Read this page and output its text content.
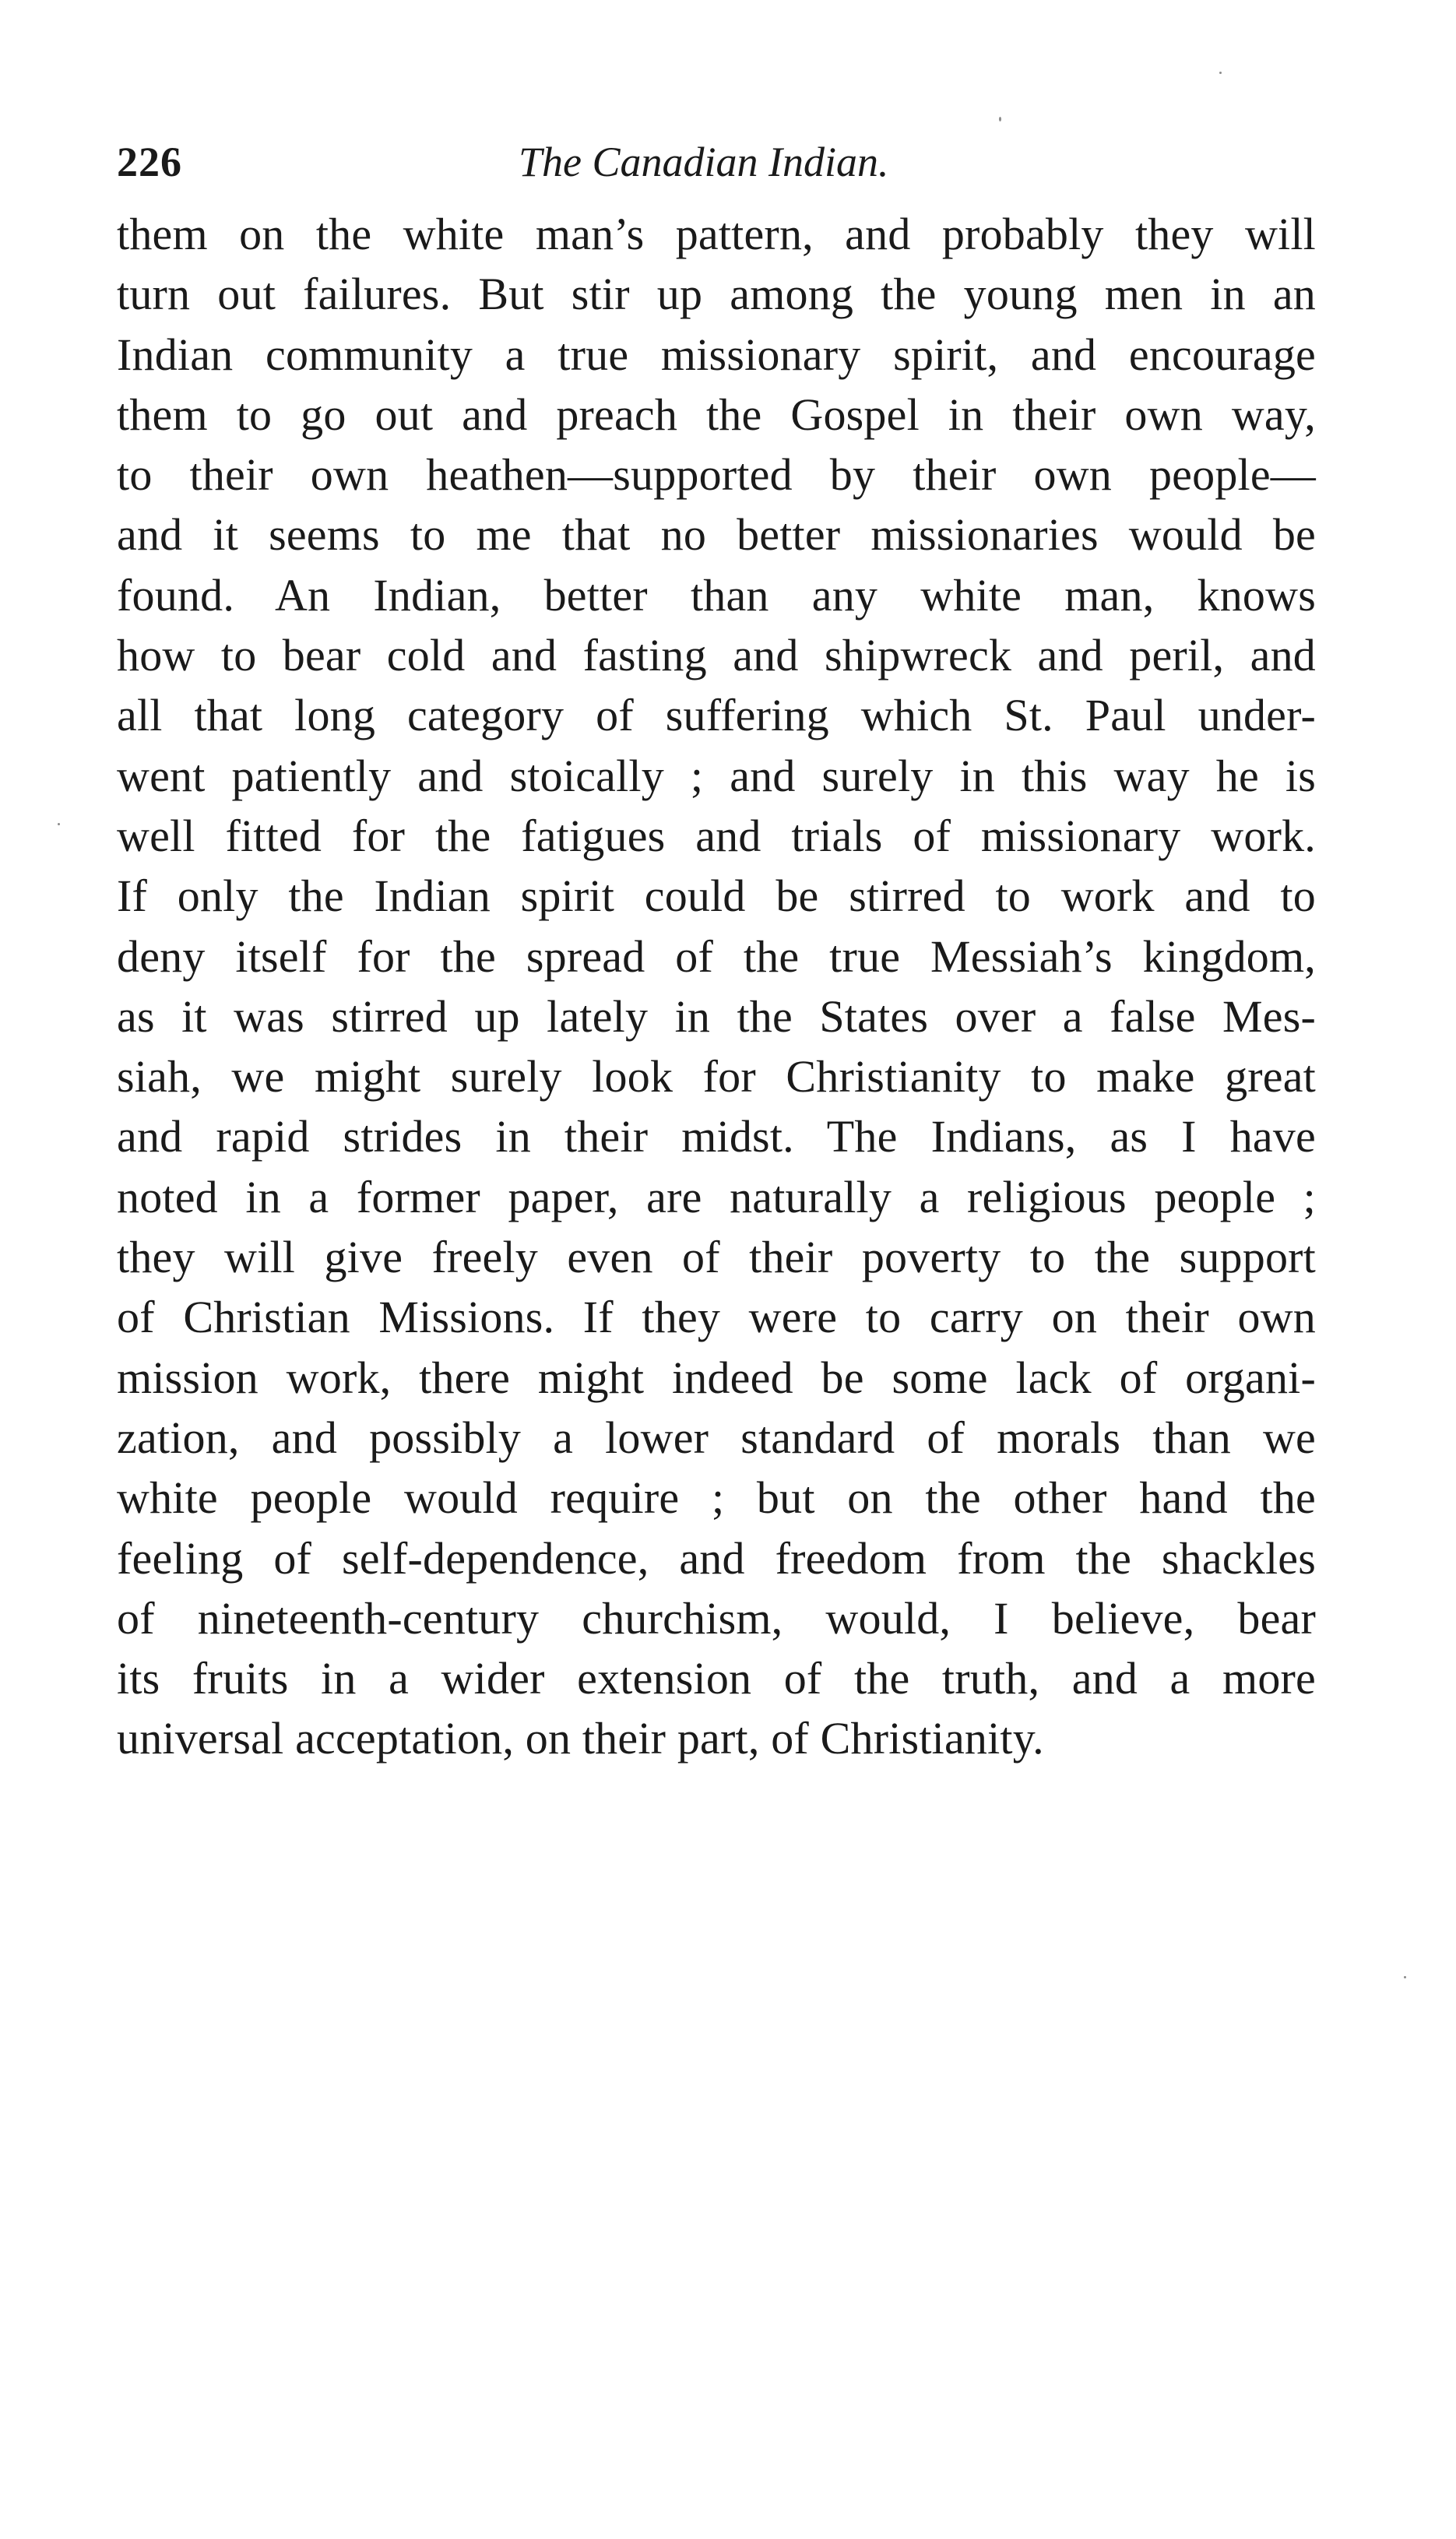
226	The Canadian Indian.
them on the white man’s pattern, and probably they will
turn out failures. But stir up among the young men in an
Indian community a true missionary spirit, and encourage
them to go out and preach the Gospel in their own way,
to their own heathen—supported by their own people—
and it seems to me that no better missionaries would be
found. An Indian, better than any white man, knows
how to bear cold and fasting and shipwreck and peril, and
all that long category of suffering which St. Paul under-
went patiently and stoically ; and surely in this way he is
well fitted for the fatigues and trials of missionary work.
If only the Indian spirit could be stirred to work and to
deny itself for the spread of the true Messiah’s kingdom,
as it was stirred up lately in the States over a false Mes-
siah, we might surely look for Christianity to make great
and rapid strides in their midst. The Indians, as I have
noted in a former paper, are naturally a religious people ;
they will give freely even of their poverty to the support
of Christian Missions. If they were to carry on their own
mission work, there might indeed be some lack of organi-
zation, and possibly a lower standard of morals than we
white people would require ; but on the other hand the
feeling of self-dependence, and freedom from the shackles
of nineteenth-century churchism, would, I believe, bear
its fruits in a wider extension of the truth, and a more
universal acceptation, on their part, of Christianity.
